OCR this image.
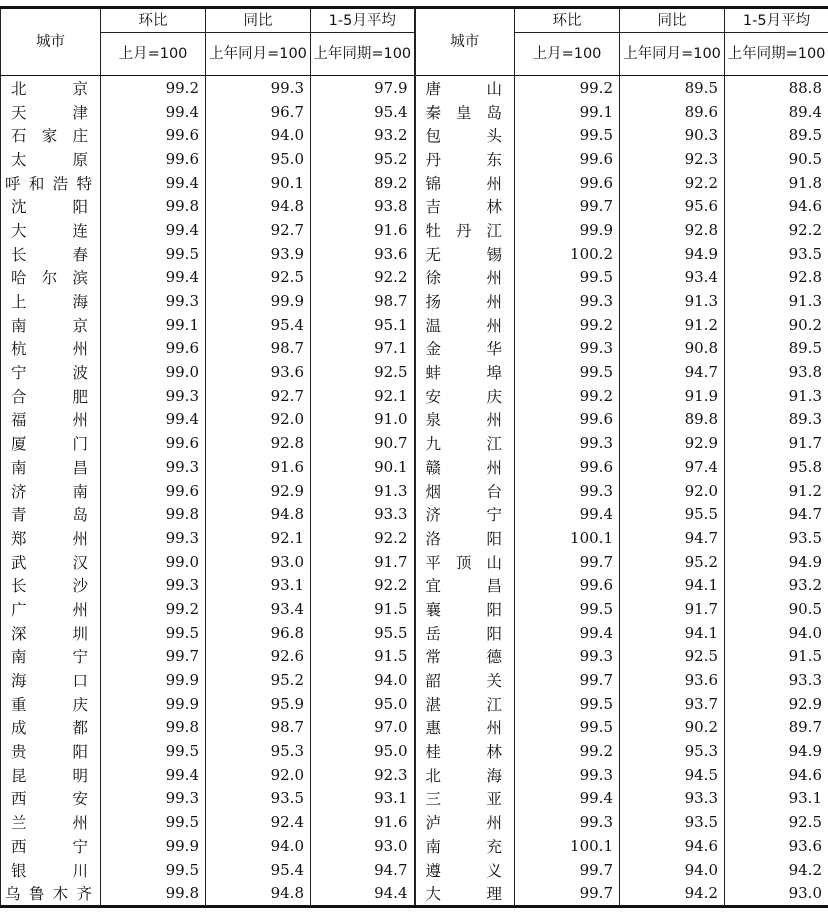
城市	环比	同比	1-5月平均	城市	环比	同比	1-5月平均
	上月=100	上年同月=100	上年同期=100		上月=100	上年同月=100	上年同期=100
北京	99.2	99.3	97.9	唐山	99.2	89.5	88.8
天津	99.4	96.7	95.4	秦皇岛	99.1	89.6	89.4
石家庄	99.6	94.0	93.2	包头	99.5	90.3	89.5
太原	99.6	95.0	95.2	丹东	99.6	92.3	90.5
呼和浩特	99.4	90.1	89.2	锦州	99.6	92.2	91.8
沈阳	99.8	94.8	93.8	吉林	99.7	95.6	94.6
大连	99.4	92.7	91.6	牡丹江	99.9	92.8	92.2
长春	99.5	93.9	93.6	无锡	100.2	94.9	93.5
哈尔滨	99.4	92.5	92.2	徐州	99.5	93.4	92.8
上海	99.3	99.9	98.7	扬州	99.3	91.3	91.3
南京	99.1	95.4	95.1	温州	99.2	91.2	90.2
杭州	99.6	98.7	97.1	金华	99.3	90.8	89.5
宁波	99.0	93.6	92.5	蚌埠	99.5	94.7	93.8
合肥	99.3	92.7	92.1	安庆	99.2	91.9	91.3
福州	99.4	92.0	91.0	泉州	99.6	89.8	89.3
厦门	99.6	92.8	90.7	九江	99.3	92.9	91.7
南昌	99.3	91.6	90.1	赣州	99.6	97.4	95.8
济南	99.6	92.9	91.3	烟台	99.3	92.0	91.2
青岛	99.8	94.8	93.3	济宁	99.4	95.5	94.7
郑州	99.3	92.1	92.2	洛阳	100.1	94.7	93.5
武汉	99.0	93.0	91.7	平顶山	99.7	95.2	94.9
长沙	99.3	93.1	92.2	宜昌	99.6	94.1	93.2
广州	99.2	93.4	91.5	襄阳	99.5	91.7	90.5
深圳	99.5	96.8	95.5	岳阳	99.4	94.1	94.0
南宁	99.7	92.6	91.5	常德	99.3	92.5	91.5
海口	99.9	95.2	94.0	韶关	99.7	93.6	93.3
重庆	99.9	95.9	95.0	湛江	99.5	93.7	92.9
成都	99.8	98.7	97.0	惠州	99.5	90.2	89.7
贵阳	99.5	95.3	95.0	桂林	99.2	95.3	94.9
昆明	99.4	92.0	92.3	北海	99.3	94.5	94.6
西安	99.3	93.5	93.1	三亚	99.4	93.3	93.1
兰州	99.5	92.4	91.6	泸州	99.3	93.5	92.5
西宁	99.9	94.0	93.0	南充	100.1	94.6	93.6
银川	99.5	95.4	94.7	遵义	99.7	94.0	94.2
乌鲁木齐	99.8	94.8	94.4	大理	99.7	94.2	93.0
